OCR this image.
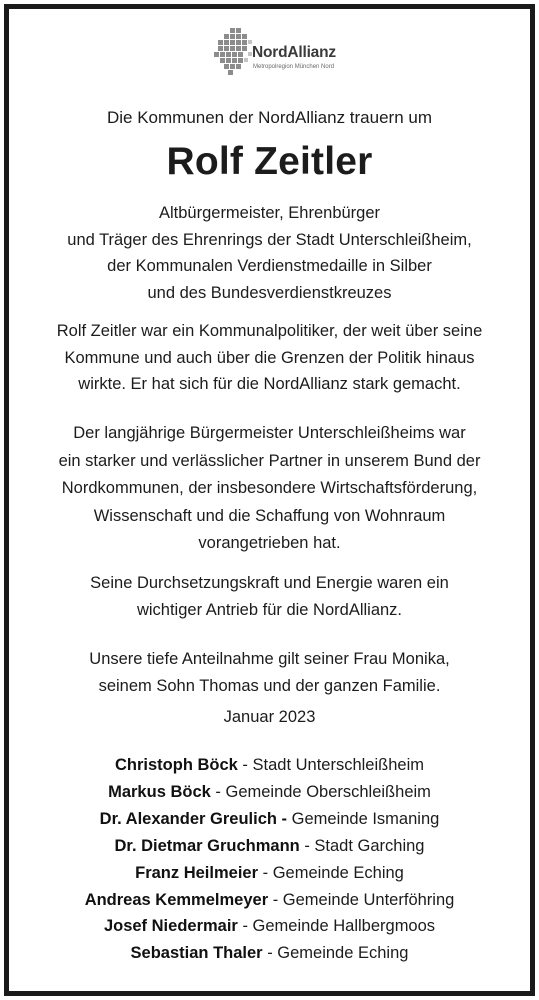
NordAllianz
Metropolregion München Nord
Die Kommunen der NordAllianz trauern um
Rolf Zeitler
Altbürgermeister, Ehrenbürger
und Träger des Ehrenrings der Stadt Unterschleißheim,
der Kommunalen Verdienstmedaille in Silber
und des Bundesverdienstkreuzes
Rolf Zeitler war ein Kommunalpolitiker, der weit über seine
Kommune und auch über die Grenzen der Politik hinaus
wirkte. Er hat sich für die NordAllianz stark gemacht.
Der langjährige Bürgermeister Unterschleißheims war
ein starker und verlässlicher Partner in unserem Bund der
Nordkommunen, der insbesondere Wirtschaftsförderung,
Wissenschaft und die Schaffung von Wohnraum
vorangetrieben hat.
Seine Durchsetzungskraft und Energie waren ein
wichtiger Antrieb für die NordAllianz.
Unsere tiefe Anteilnahme gilt seiner Frau Monika,
seinem Sohn Thomas und der ganzen Familie.
Januar 2023
Christoph Böck - Stadt Unterschleißheim
Markus Böck - Gemeinde Oberschleißheim
Dr. Alexander Greulich - Gemeinde Ismaning
Dr. Dietmar Gruchmann - Stadt Garching
Franz Heilmeier - Gemeinde Eching
Andreas Kemmelmeyer - Gemeinde Unterföhring
Josef Niedermair - Gemeinde Hallbergmoos
Sebastian Thaler - Gemeinde Eching
